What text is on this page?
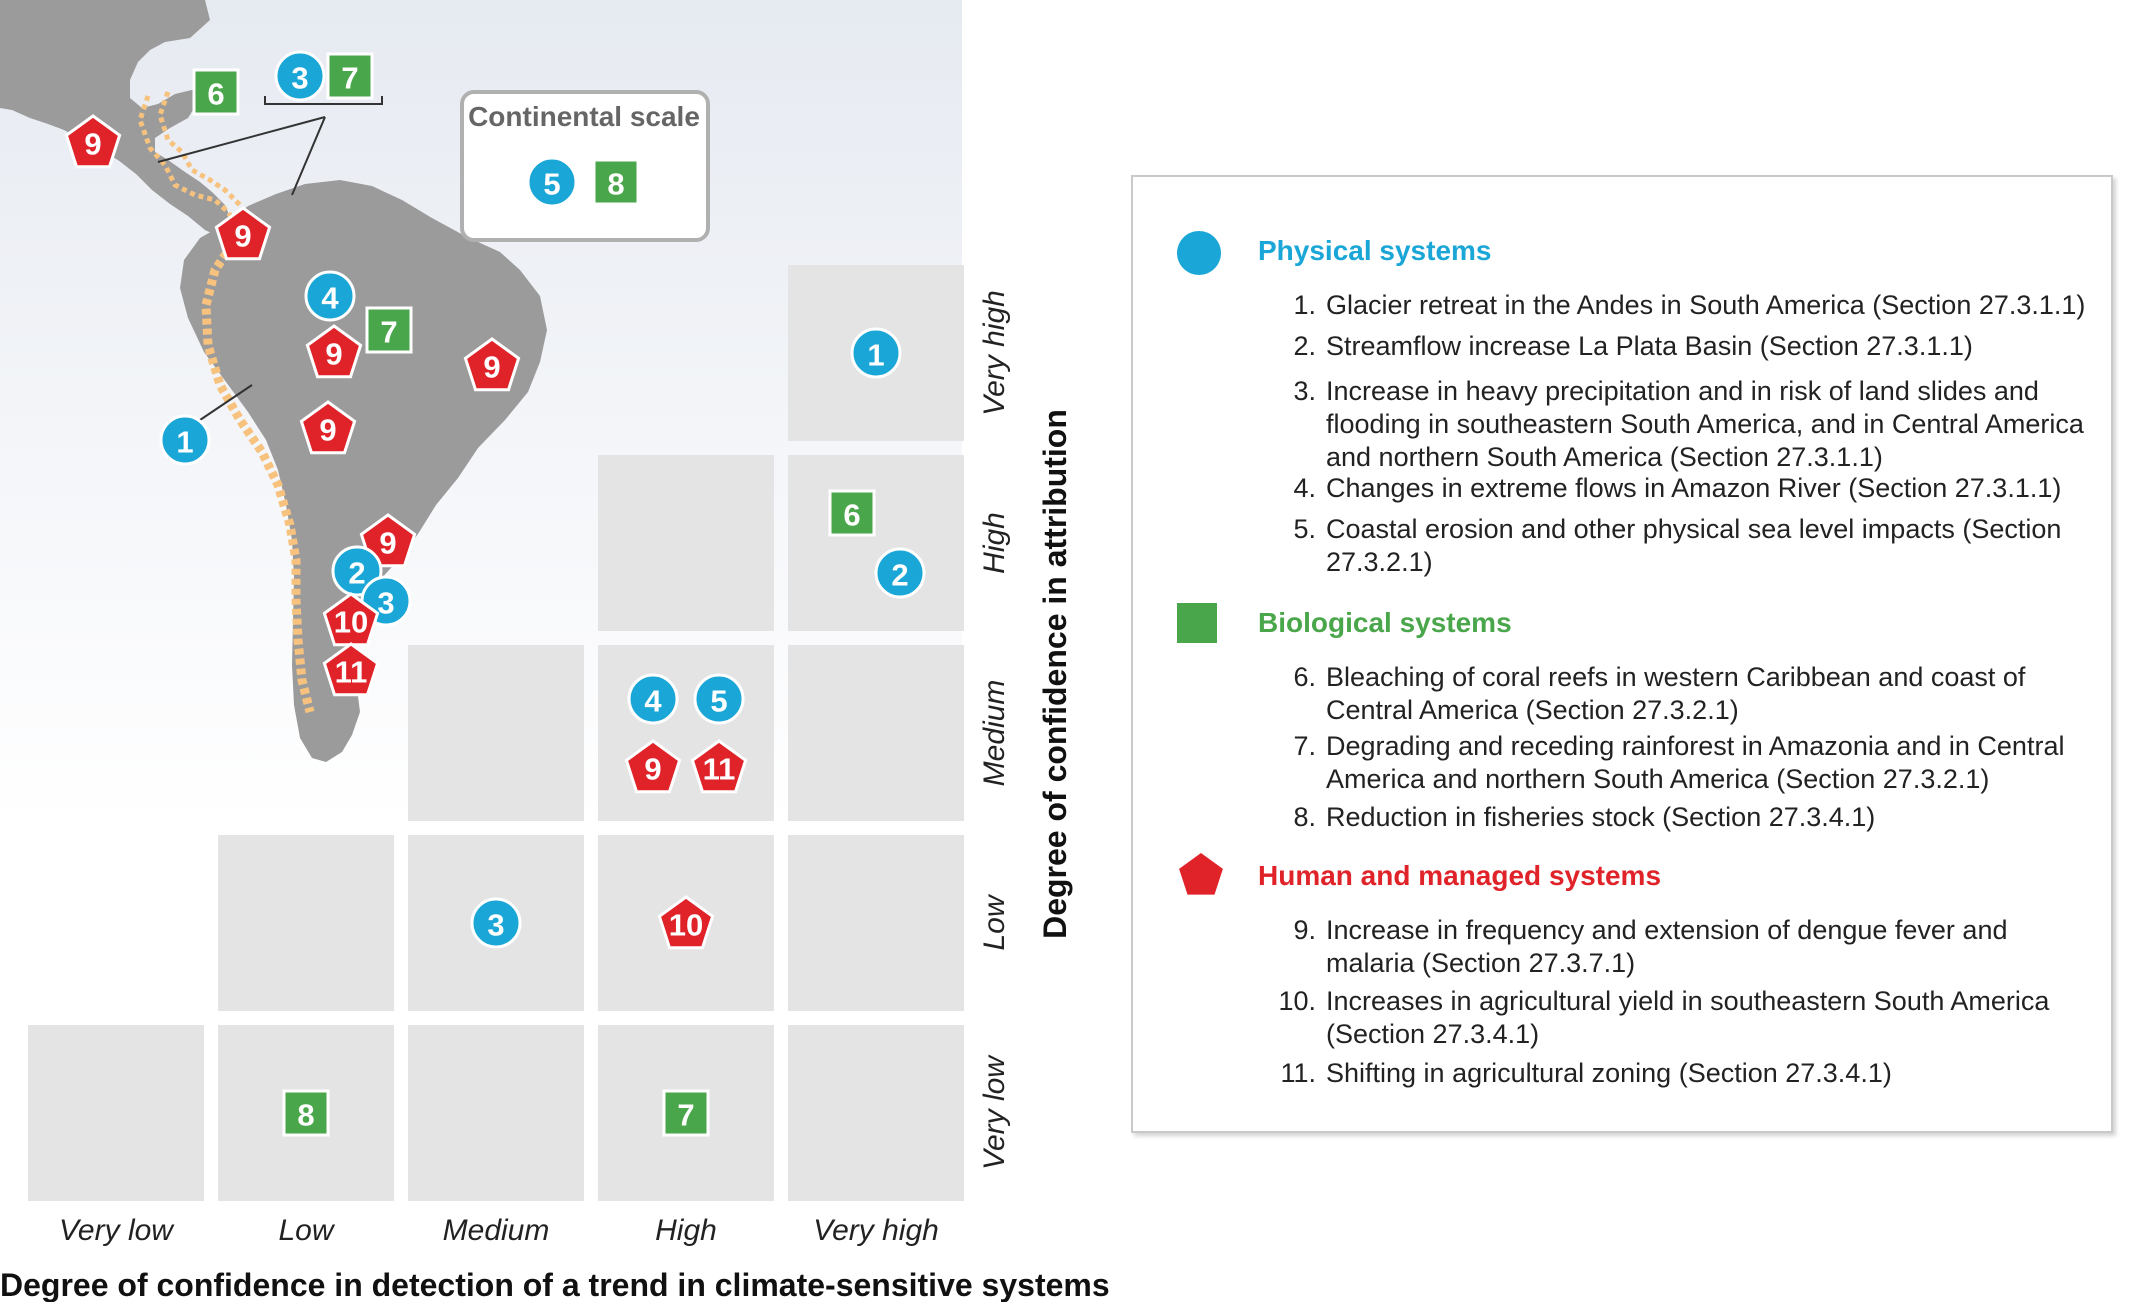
Continental scale
Very low	Low	Medium	High	Very high
Very low
Low
Medium
High
Very high
Degree of confidence in detection of a trend in climate-sensitive systems
Degree of confidence in attribution
1
6
2
4 5
9 11
3	10
8	7
5 8
6 3 7
9
9
4
9
7
9
1	9
9
2
3
10
11
Physical systems
1. Glacier retreat in the Andes in South America (Section 27.3.1.1)
2. Streamflow increase La Plata Basin (Section 27.3.1.1)
3. Increase in heavy precipitation and in risk of land slides and flooding in southeastern South America, and in Central America and northern South America (Section 27.3.1.1)
4. Changes in extreme flows in Amazon River (Section 27.3.1.1)
5. Coastal erosion and other physical sea level impacts (Section 27.3.2.1)
Biological systems
6. Bleaching of coral reefs in western Caribbean and coast of Central America (Section 27.3.2.1)
7. Degrading and receding rainforest in Amazonia and in Central America and northern South America (Section 27.3.2.1)
8. Reduction in fisheries stock (Section 27.3.4.1)
Human and managed systems
9. Increase in frequency and extension of dengue fever and malaria (Section 27.3.7.1)
10. Increases in agricultural yield in southeastern South America (Section 27.3.4.1)
11. Shifting in agricultural zoning (Section 27.3.4.1)
